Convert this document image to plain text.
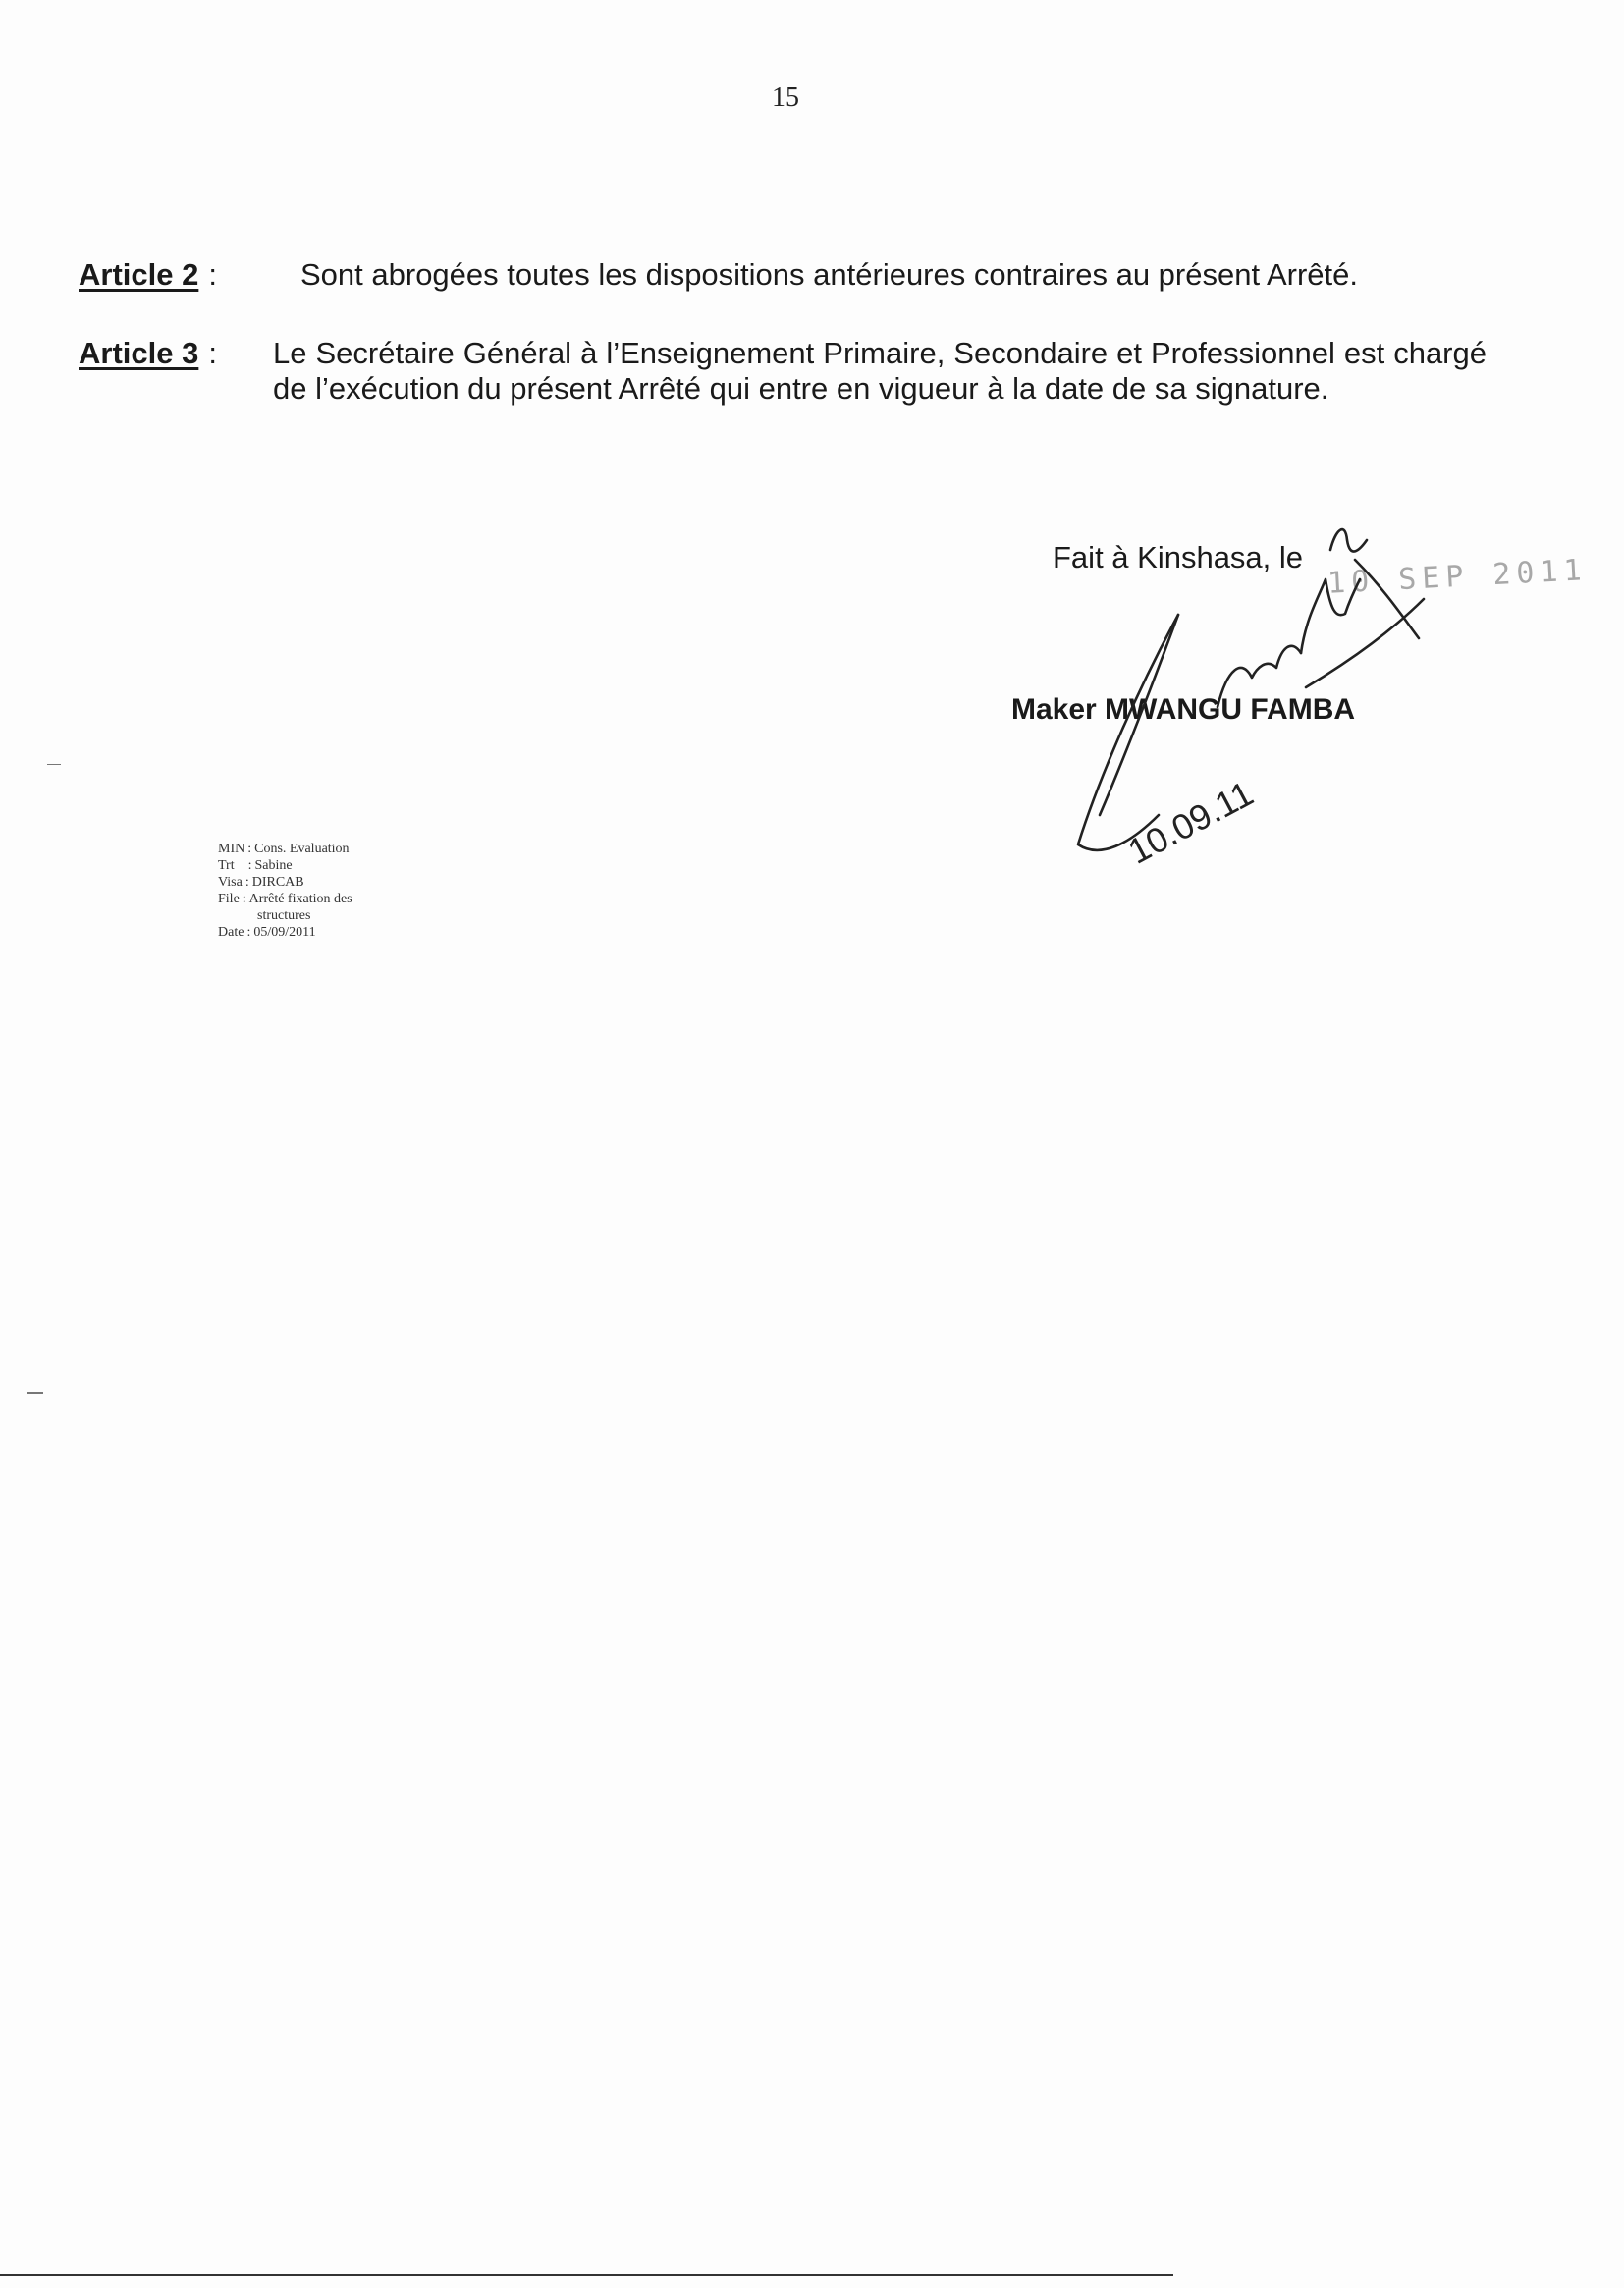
15
Article 2 :	Sont abrogées toutes les dispositions antérieures contraires au présent Arrêté.
Article 3 : Le Secrétaire Général à l’Enseignement Primaire, Secondaire et Professionnel est chargé de l’exécution du présent Arrêté qui entre en vigueur à la date de sa signature.
Fait à Kinshasa, le 10 SEP 2011
Maker MWANGU FAMBA
10.09.11
MIN : Cons. Evaluation
Trt : Sabine
Visa : DIRCAB
File : Arrêté fixation des
structures
Date : 05/09/2011
